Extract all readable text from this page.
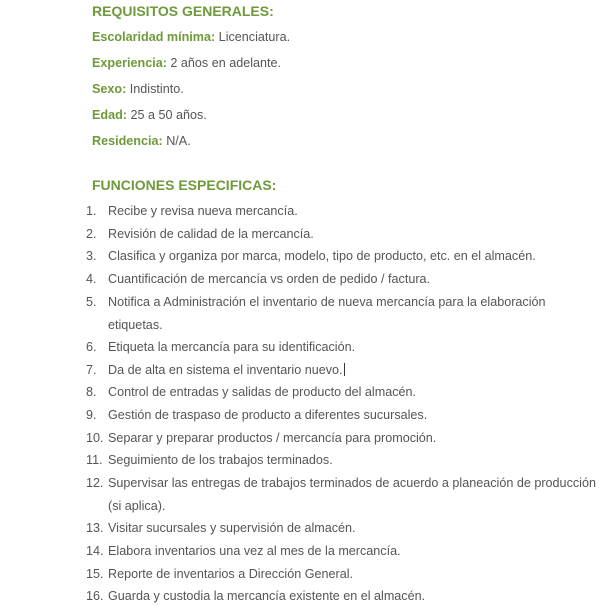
REQUISITOS GENERALES:

Escolaridad mínima: Licenciatura.

Experiencia: 2 años en adelante.

Sexo: Indistinto.

Edad: 25 a 50 años.

Residencia: N/A.

FUNCIONES ESPECIFICAS:
1. Recibe y revisa nueva mercancía.
2. Revisión de calidad de la mercancía.
3. Clasifica y organiza por marca, modelo, tipo de producto, etc. en el almacén.
4. Cuantificación de mercancía vs orden de pedido / factura.
5. Notifica a Administración el inventario de nueva mercancía para la elaboración
etiquetas.
6. Etiqueta la mercancía para su identificación.
7. Da de alta en sistema el inventario nuevo.
8. Control de entradas y salidas de producto del almacén.
9. Gestión de traspaso de producto a diferentes sucursales.
10. Separar y preparar productos / mercancía para promoción.
11. Seguimiento de los trabajos terminados.
12. Supervisar las entregas de trabajos terminados de acuerdo a planeación de producción
(si aplica).
13. Visitar sucursales y supervisión de almacén.
14. Elabora inventarios una vez al mes de la mercancía.
15. Reporte de inventarios a Dirección General.
16. Guarda y custodia la mercancía existente en el almacén.
